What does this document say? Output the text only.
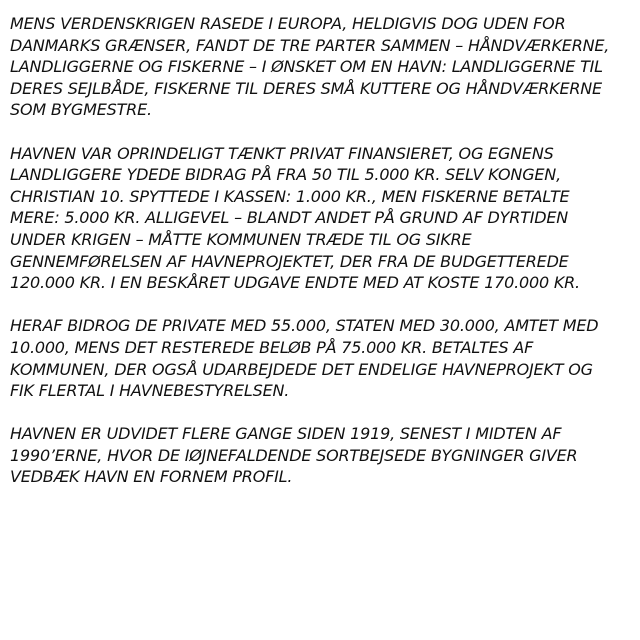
MENS VERDENSKRIGEN RASEDE I EUROPA, HELDIGVIS DOG UDEN FOR DANMARKS GRÆNSER, FANDT DE TRE PARTER SAMMEN – HÅNDVÆRKERNE, LANDLIGGERNE OG FISKERNE – I ØNSKET OM EN HAVN: LANDLIGGERNE TIL DERES SEJLBÅDE, FISKERNE TIL DERES SMÅ KUTTERE OG HÅNDVÆRKERNE SOM BYGMESTRE.

HAVNEN VAR OPRINDELIGT TÆNKT PRIVAT FINANSIERET, OG EGNENS LANDLIGGERE YDEDE BIDRAG PÅ FRA 50 TIL 5.000 KR. SELV KONGEN, CHRISTIAN 10. SPYTTEDE I KASSEN: 1.000 KR., MEN FISKERNE BETALTE MERE: 5.000 KR. ALLIGEVEL – BLANDT ANDET PÅ GRUND AF DYRTIDEN UNDER KRIGEN – MÅTTE KOMMUNEN TRÆDE TIL OG SIKRE GENNEMFØRELSEN AF HAVNEPROJEKTET, DER FRA DE BUDGETTEREDE 120.000 KR. I EN BESKÅRET UDGAVE ENDTE MED AT KOSTE 170.000 KR.

HERAF BIDROG DE PRIVATE MED 55.000, STATEN MED 30.000, AMTET MED 10.000, MENS DET RESTEREDE BELØB PÅ 75.000 KR. BETALTES AF KOMMUNEN, DER OGSÅ UDARBEJDEDE DET ENDELIGE HAVNEPROJEKT OG FIK FLERTAL I HAVNEBESTYRELSEN.

HAVNEN ER UDVIDET FLERE GANGE SIDEN 1919, SENEST I MIDTEN AF 1990’ERNE, HVOR DE IØJNEFALDENDE SORTBEJSEDE BYGNINGER GIVER VEDBÆK HAVN EN FORNEM PROFIL.
